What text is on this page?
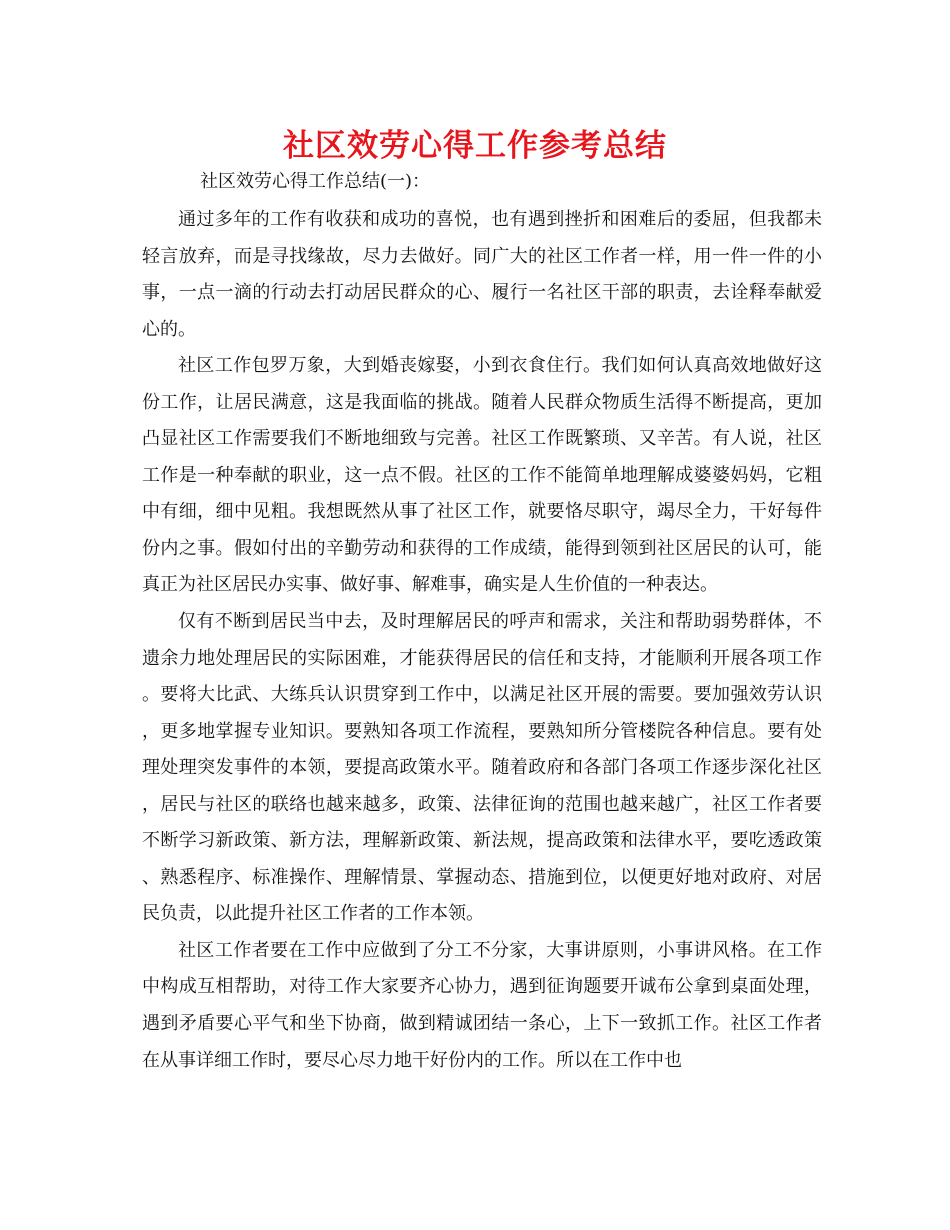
社区效劳心得工作参考总结

社区效劳心得工作总结(一)：

通过多年的工作有收获和成功的喜悦，也有遇到挫折和困难后的委屈，但我都未轻言放弃，而是寻找缘故，尽力去做好。同广大的社区工作者一样，用一件一件的小事，一点一滴的行动去打动居民群众的心、履行一名社区干部的职责，去诠释奉献爱心的。

社区工作包罗万象，大到婚丧嫁娶，小到衣食住行。我们如何认真高效地做好这份工作，让居民满意，这是我面临的挑战。随着人民群众物质生活得不断提高，更加凸显社区工作需要我们不断地细致与完善。社区工作既繁琐、又辛苦。有人说，社区工作是一种奉献的职业，这一点不假。社区的工作不能简单地理解成婆婆妈妈，它粗中有细，细中见粗。我想既然从事了社区工作，就要恪尽职守，竭尽全力，干好每件份内之事。假如付出的辛勤劳动和获得的工作成绩，能得到领到社区居民的认可，能真正为社区居民办实事、做好事、解难事，确实是人生价值的一种表达。

仅有不断到居民当中去，及时理解居民的呼声和需求，关注和帮助弱势群体，不遗余力地处理居民的实际困难，才能获得居民的信任和支持，才能顺利开展各项工作。要将大比武、大练兵认识贯穿到工作中，以满足社区开展的需要。要加强效劳认识，更多地掌握专业知识。要熟知各项工作流程，要熟知所分管楼院各种信息。要有处理处理突发事件的本领，要提高政策水平。随着政府和各部门各项工作逐步深化社区，居民与社区的联络也越来越多，政策、法律征询的范围也越来越广，社区工作者要不断学习新政策、新方法，理解新政策、新法规，提高政策和法律水平，要吃透政策、熟悉程序、标准操作、理解情景、掌握动态、措施到位，以便更好地对政府、对居民负责，以此提升社区工作者的工作本领。

社区工作者要在工作中应做到了分工不分家，大事讲原则，小事讲风格。在工作中构成互相帮助，对待工作大家要齐心协力，遇到征询题要开诚布公拿到桌面处理，遇到矛盾要心平气和坐下协商，做到精诚团结一条心，上下一致抓工作。社区工作者在从事详细工作时，要尽心尽力地干好份内的工作。所以在工作中也
